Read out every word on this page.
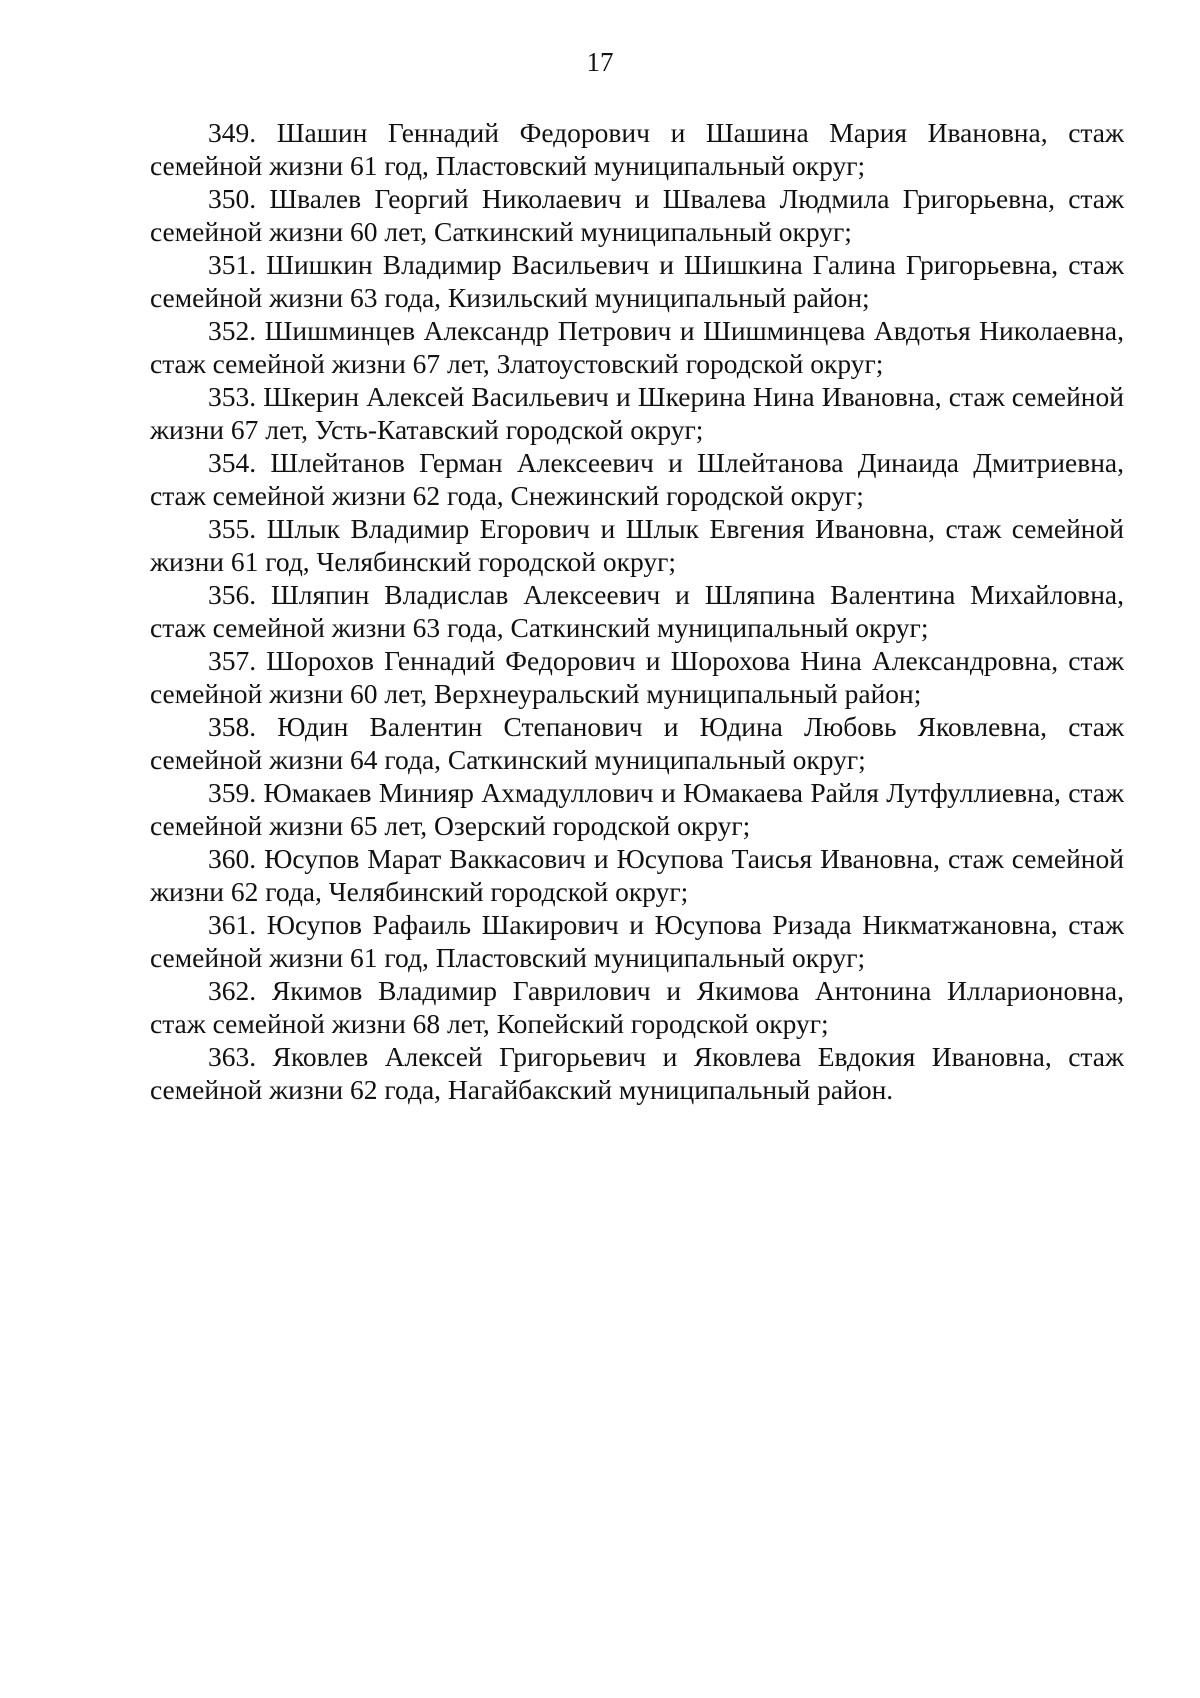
17

349. Шашин Геннадий Федорович и Шашина Мария Ивановна, стаж семейной жизни 61 год, Пластовский муниципальный округ;

350. Швалев Георгий Николаевич и Швалева Людмила Григорьевна, стаж семейной жизни 60 лет, Саткинский муниципальный округ;

351. Шишкин Владимир Васильевич и Шишкина Галина Григорьевна, стаж семейной жизни 63 года, Кизильский муниципальный район;

352. Шишминцев Александр Петрович и Шишминцева Авдотья Николаевна, стаж семейной жизни 67 лет, Златоустовский городской округ;

353. Шкерин Алексей Васильевич и Шкерина Нина Ивановна, стаж семейной жизни 67 лет, Усть-Катавский городской округ;

354. Шлейтанов Герман Алексеевич и Шлейтанова Динаида Дмитриевна, стаж семейной жизни 62 года, Снежинский городской округ;

355. Шлык Владимир Егорович и Шлык Евгения Ивановна, стаж семейной жизни 61 год, Челябинский городской округ;

356. Шляпин Владислав Алексеевич и Шляпина Валентина Михайловна, стаж семейной жизни 63 года, Саткинский муниципальный округ;

357. Шорохов Геннадий Федорович и Шорохова Нина Александровна, стаж семейной жизни 60 лет, Верхнеуральский муниципальный район;

358. Юдин Валентин Степанович и Юдина Любовь Яковлевна, стаж семейной жизни 64 года, Саткинский муниципальный округ;

359. Юмакаев Минияр Ахмадуллович и Юмакаева Райля Лутфуллиевна, стаж семейной жизни 65 лет, Озерский городской округ;

360. Юсупов Марат Ваккасович и Юсупова Таисья Ивановна, стаж семейной жизни 62 года, Челябинский городской округ;

361. Юсупов Рафаиль Шакирович и Юсупова Ризада Никматжановна, стаж семейной жизни 61 год, Пластовский муниципальный округ;

362. Якимов Владимир Гаврилович и Якимова Антонина Илларионовна, стаж семейной жизни 68 лет, Копейский городской округ;

363. Яковлев Алексей Григорьевич и Яковлева Евдокия Ивановна, стаж семейной жизни 62 года, Нагайбакский муниципальный район.
